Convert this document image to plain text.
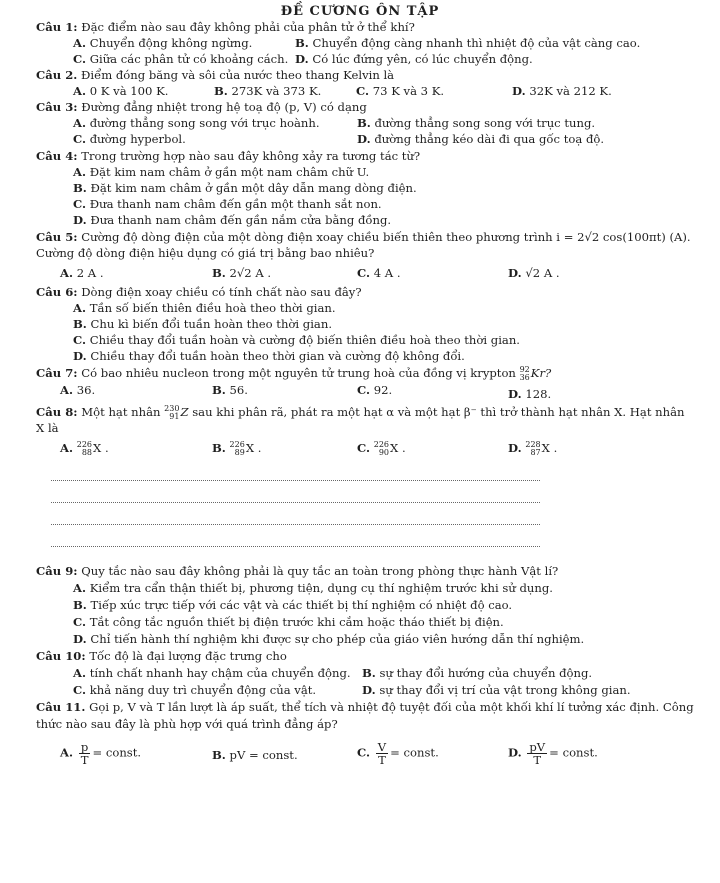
ĐỀ CƯƠNG ÔN TẬP
Câu 1: Đặc điểm nào sau đây không phải của phân tử ở thể khí?
A. Chuyển động không ngừng.	B. Chuyển động càng nhanh thì nhiệt độ của vật càng cao.
C. Giữa các phân tử có khoảng cách. D. Có lúc đứng yên, có lúc chuyển động.
Câu 2. Điểm đóng băng và sôi của nước theo thang Kelvin là
A. 0 K và 100 K.	B. 273K và 373 K.	C. 73 K và 3 K.	D. 32K và 212 K.
Câu 3: Đường đẳng nhiệt trong hệ toạ độ (p, V) có dạng
A. đường thẳng song song với trục hoành.	B. đường thẳng song song với trục tung.
C. đường hyperbol.	D. đường thẳng kéo dài đi qua gốc toạ độ.
Câu 4: Trong trường hợp nào sau đây không xảy ra tương tác từ?
A. Đặt kim nam châm ở gần một nam châm chữ U.
B. Đặt kim nam châm ở gần một dây dẫn mang dòng điện.
C. Đưa thanh nam châm đến gần một thanh sắt non.
D. Đưa thanh nam châm đến gần nắm cửa bằng đồng.
Câu 5: Cường độ dòng điện của một dòng điện xoay chiều biến thiên theo phương trình i = 2√2 cos(100πt) (A).
Cường độ dòng điện hiệu dụng có giá trị bằng bao nhiêu?
A. 2 A .	B. 2√2 A .	C. 4 A .	D. √2 A .
Câu 6: Dòng điện xoay chiều có tính chất nào sau đây?
A. Tần số biến thiên điều hoà theo thời gian.
B. Chu kì biến đổi tuần hoàn theo thời gian.
C. Chiều thay đổi tuần hoàn và cường độ biến thiên điều hoà theo thời gian.
D. Chiều thay đổi tuần hoàn theo thời gian và cường độ không đổi.
Câu 7: Có bao nhiêu nucleon trong một nguyên tử trung hoà của đồng vị krypton 92
36 Kr?
A. 36.	B. 56.	C. 92.	D. 128.
Câu 8: Một hạt nhân 230
91 Z sau khi phân rã, phát ra một hạt α và một hạt β⁻ thì trở thành hạt nhân X. Hạt nhân
X là
A. 226
88 X .	B. 226
89 X .	C. 226
90 X .	D. 228
87 X .
Câu 9: Quy tắc nào sau đây không phải là quy tắc an toàn trong phòng thực hành Vật lí?
A. Kiểm tra cẩn thận thiết bị, phương tiện, dụng cụ thí nghiệm trước khi sử dụng.
B. Tiếp xúc trực tiếp với các vật và các thiết bị thí nghiệm có nhiệt độ cao.
C. Tắt công tắc nguồn thiết bị điện trước khi cắm hoặc tháo thiết bị điện.
D. Chỉ tiến hành thí nghiệm khi được sự cho phép của giáo viên hướng dẫn thí nghiệm.
Câu 10: Tốc độ là đại lượng đặc trưng cho
A. tính chất nhanh hay chậm của chuyển động. B. sự thay đổi hướng của chuyển động.
C. khả năng duy trì chuyển động của vật.	D. sự thay đổi vị trí của vật trong không gian.
Câu 11. Gọi p, V và T lần lượt là áp suất, thể tích và nhiệt độ tuyệt đối của một khối khí lí tưởng xác định. Công
thức nào sau đây là phù hợp với quá trình đẳng áp?
A. $\frac{p}{T}$ = const.	B. pV = const.	C. $\frac{V}{T}$ = const.	D. $\frac{pV}{T}$ = const.
